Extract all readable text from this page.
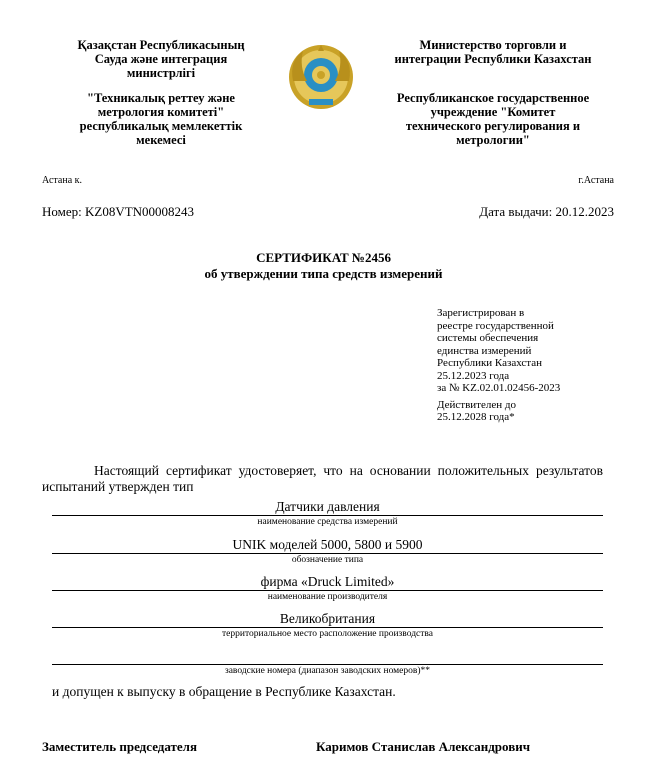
Қазақстан Республикасының
Сауда және интеграция
министрлігі
"Техникалық реттеу және
метрология комитеті"
республикалық мемлекеттік
мекемесі
Министерство торговли и
интеграции Республики Казахстан
Республиканское государственное
учреждение "Комитет
технического регулирования и
метрологии"
Астана к.	г.Астана
Номер: KZ08VTN00008243	Дата выдачи: 20.12.2023
СЕРТИФИКАТ №2456
об утверждении типа средств измерений
Зарегистрирован в
реестре государственной
системы обеспечения
единства измерений
Республики Казахстан
25.12.2023 года
за № KZ.02.01.02456-2023
Действителен до
25.12.2028 года*
Настоящий сертификат удостоверяет, что на основании положительных результатов испытаний утвержден тип
Датчики давления
наименование средства измерений
UNIK моделей 5000, 5800 и 5900
обозначение типа
фирма «Druck Limited»
наименование производителя
Великобритания
территориальное место расположение производства
заводские номера (диапазон заводских номеров)**
и допущен к выпуску в обращение в Республике Казахстан.
Заместитель председателя	Каримов Станислав Александрович
